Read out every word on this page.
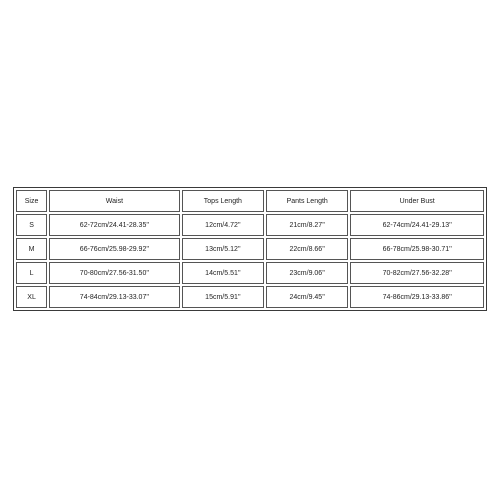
Size	Waist	Tops Length	Pants Length	Under Bust
S	62-72cm/24.41-28.35''	12cm/4.72''	21cm/8.27''	62-74cm/24.41-29.13''
M	66-76cm/25.98-29.92''	13cm/5.12''	22cm/8.66''	66-78cm/25.98-30.71''
L	70-80cm/27.56-31.50''	14cm/5.51''	23cm/9.06''	70-82cm/27.56-32.28''
XL	74-84cm/29.13-33.07''	15cm/5.91''	24cm/9.45''	74-86cm/29.13-33.86''
